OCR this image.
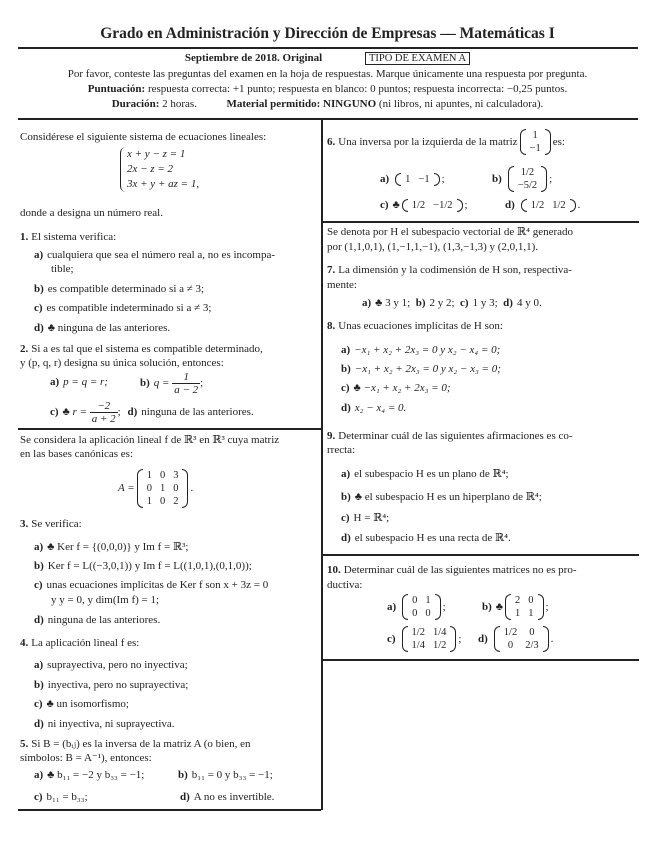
Grado en Administración y Dirección de Empresas — Matemáticas I
Septiembre de 2018. Original	TIPO DE EXAMEN A
Por favor, conteste las preguntas del examen en la hoja de respuestas. Marque únicamente una respuesta por pregunta.
Puntuación: respuesta correcta: +1 punto; respuesta en blanco: 0 puntos; respuesta incorrecta: −0,25 puntos.
Duración: 2 horas.	Material permitido: NINGUNO (ni libros, ni apuntes, ni calculadora).
Considérese el siguiente sistema de ecuaciones lineales:
x + y − z = 1
2x − z = 2
3x + y + az = 1,
donde a designa un número real.
1. El sistema verifica:
a) cualquiera que sea el número real a, no es incompa-
tible;
b) es compatible determinado si a ≠ 3;
c) es compatible indeterminado si a ≠ 3;
d) ♣ ninguna de las anteriores.
2. Si a es tal que el sistema es compatible determinado,
y (p, q, r) designa su única solución, entonces:
a) p = q = r;	b) $q = \frac{1}{a - 2}$ ;
c) ♣ $r = \frac{-2}{a + 2}$ ; d) ninguna de las anteriores.
Se considera la aplicación lineal f de ℝ³ en ℝ³ cuya matriz
en las bases canónicas es:
A =
1	0	3
0	1	0
1	0	2
.
3. Se verifica:
a) ♣ Ker f = {(0,0,0)} y Im f = ℝ³;
b) Ker f = L((−3,0,1)) y Im f = L((1,0,1),(0,1,0));
c) unas ecuaciones implícitas de Ker f son x + 3z = 0
y y = 0, y dim(Im f) = 1;
d) ninguna de las anteriores.
4. La aplicación lineal f es:
a) suprayectiva, pero no inyectiva;
b) inyectiva, pero no suprayectiva;
c) ♣ un isomorfismo;
d) ni inyectiva, ni suprayectiva.
5. Si B = (bᵢⱼ) es la inversa de la matriz A (o bien, en
símbolos: B = A⁻¹), entonces:
a) ♣ b₁₁ = −2 y b₃₃ = −1;	b) b₁₁ = 0 y b₃₃ = −1;
c) b₁₁ = b₃₃;	d) A no es invertible.
6. Una inversa por la izquierda de la matriz
1
−1
es:
a) 1	−1 ;	b)
1/2
−5/2
;
c) ♣ 1/2	−1/2 ;	d) 1/2	1/2 .
Se denota por H el subespacio vectorial de ℝ⁴ generado
por (1,1,0,1), (1,−1,1,−1), (1,3,−1,3) y (2,0,1,1).
7. La dimensión y la codimensión de H son, respectiva-
mente:
a) ♣ 3 y 1; b) 2 y 2; c) 1 y 3; d) 4 y 0.
8. Unas ecuaciones implícitas de H son:
a) −x₁ + x₂ + 2x₃ = 0 y x₂ − x₄ = 0;
b) −x₁ + x₂ + 2x₃ = 0 y x₂ − x₃ = 0;
c) ♣ −x₁ + x₂ + 2x₃ = 0;
d) x₂ − x₄ = 0.
9. Determinar cuál de las siguientes afirmaciones es co-
rrecta:
a) el subespacio H es un plano de ℝ⁴;
b) ♣ el subespacio H es un hiperplano de ℝ⁴;
c) H = ℝ⁴;
d) el subespacio H es una recta de ℝ⁴.
10. Determinar cuál de las siguientes matrices no es pro-
ductiva:
a)
0	1
0	0
;	b) ♣
2	0
1	1
;
c)
1/2	1/4
1/4	1/2
; d)
1/2	0
0	2/3
.
